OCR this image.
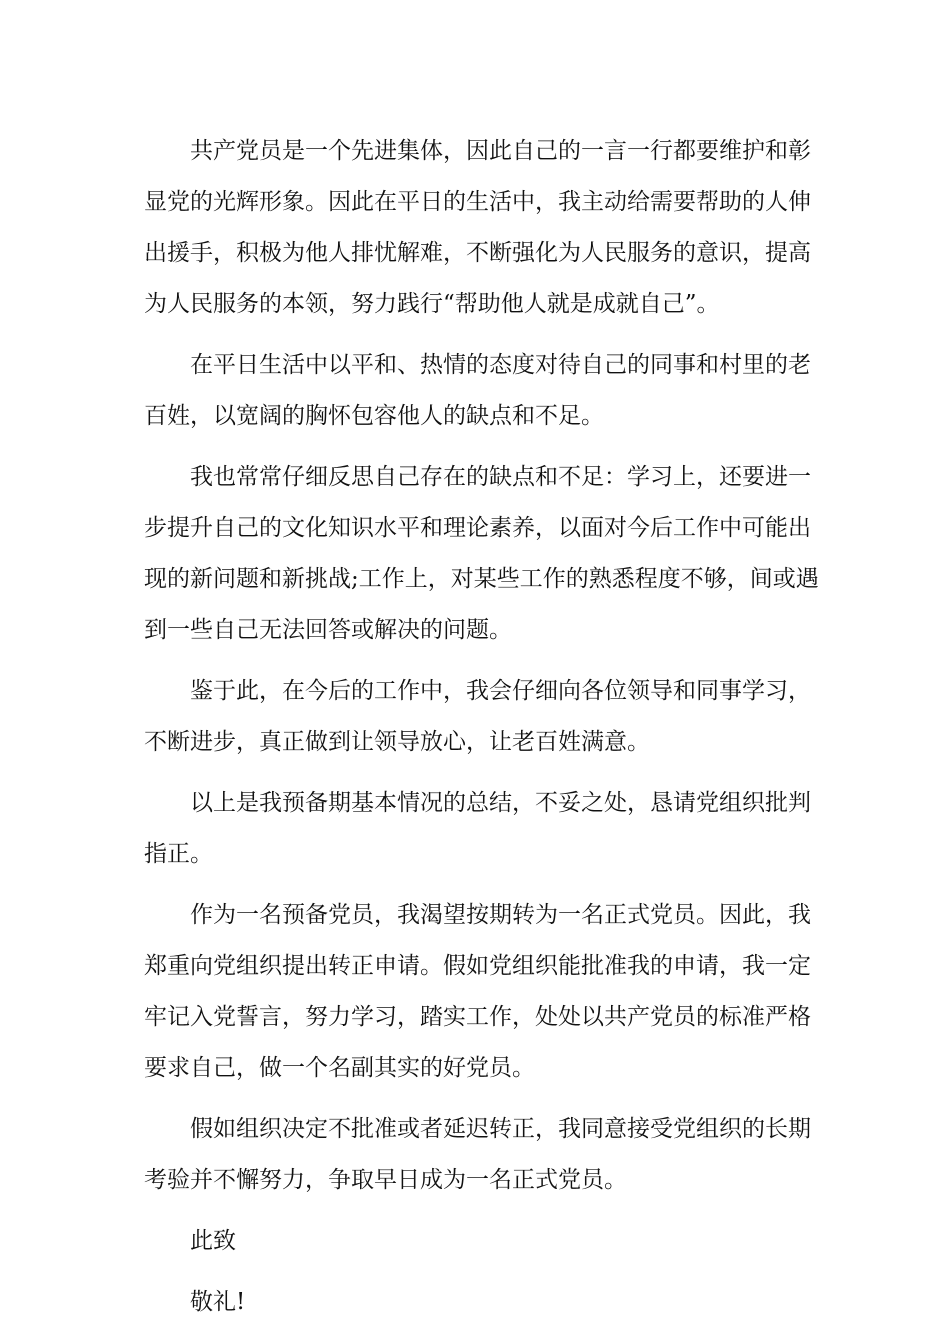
共产党员是一个先进集体，因此自己的一言一行都要维护和彰
显党的光辉形象。因此在平日的生活中，我主动给需要帮助的人伸
出援手，积极为他人排忧解难，不断强化为人民服务的意识，提高
为人民服务的本领，努力践行“帮助他人就是成就自己”。
在平日生活中以平和、热情的态度对待自己的同事和村里的老
百姓，以宽阔的胸怀包容他人的缺点和不足。
我也常常仔细反思自己存在的缺点和不足：学习上，还要进一
步提升自己的文化知识水平和理论素养，以面对今后工作中可能出
现的新问题和新挑战;工作上，对某些工作的熟悉程度不够，间或遇
到一些自己无法回答或解决的问题。
鉴于此，在今后的工作中，我会仔细向各位领导和同事学习，
不断进步，真正做到让领导放心，让老百姓满意。
以上是我预备期基本情况的总结，不妥之处，恳请党组织批判
指正。
作为一名预备党员，我渴望按期转为一名正式党员。因此，我
郑重向党组织提出转正申请。假如党组织能批准我的申请，我一定
牢记入党誓言，努力学习，踏实工作，处处以共产党员的标准严格
要求自己，做一个名副其实的好党员。
假如组织决定不批准或者延迟转正，我同意接受党组织的长期
考验并不懈努力，争取早日成为一名正式党员。
此致
敬礼!
